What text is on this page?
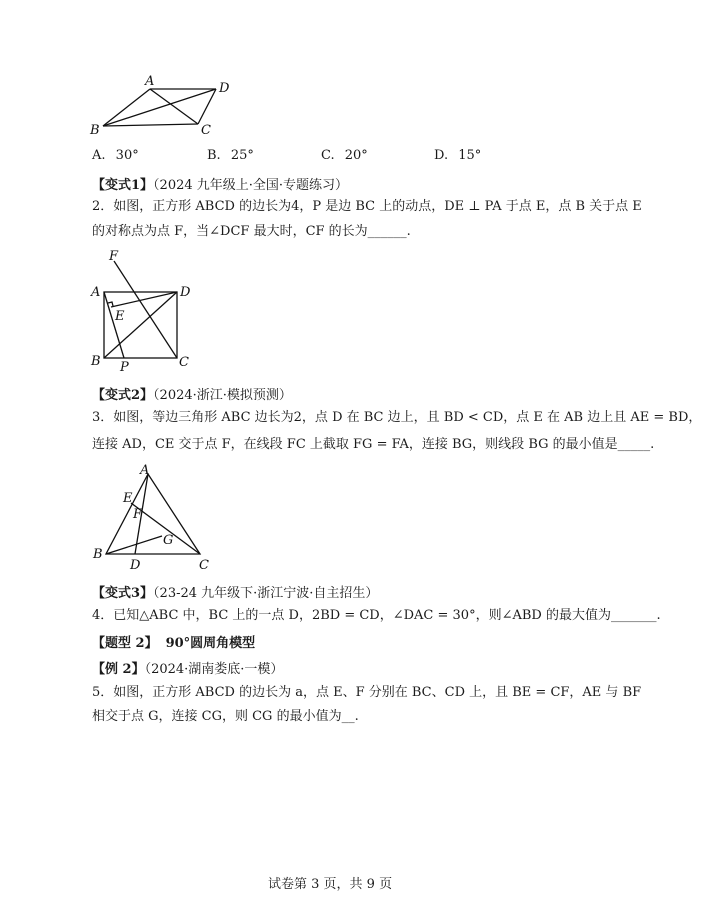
A	D
B	C
A. 30°	B. 25°	C. 20°	D. 15°
【变式1】（2024 九年级上·全国·专题练习）
2．如图，正方形 ABCD 的边长为4，P 是边 BC 上的动点，DE ⊥ PA 于点 E，点 B 关于点 E
的对称点为点 F，当∠DCF 最大时，CF 的长为______.
F
A	D
E
B P	C
【变式2】（2024·浙江·模拟预测）
3．如图，等边三角形 ABC 边长为2，点 D 在 BC 边上，且 BD < CD，点 E 在 AB 边上且 AE = BD，
连接 AD，CE 交于点 F，在线段 FC 上截取 FG = FA，连接 BG，则线段 BG 的最小值是_____.
A
E
F
G
B
D	C
【变式3】（23-24 九年级下·浙江宁波·自主招生）
4．已知△ABC 中，BC 上的一点 D，2BD = CD，∠DAC = 30°，则∠ABD 的最大值为_______.
【题型 2】 90°圆周角模型
【例 2】（2024·湖南娄底·一模）
5．如图，正方形 ABCD 的边长为 a，点 E、F 分别在 BC、CD 上，且 BE = CF，AE 与 BF
相交于点 G，连接 CG，则 CG 的最小值为__.
试卷第 3 页，共 9 页
